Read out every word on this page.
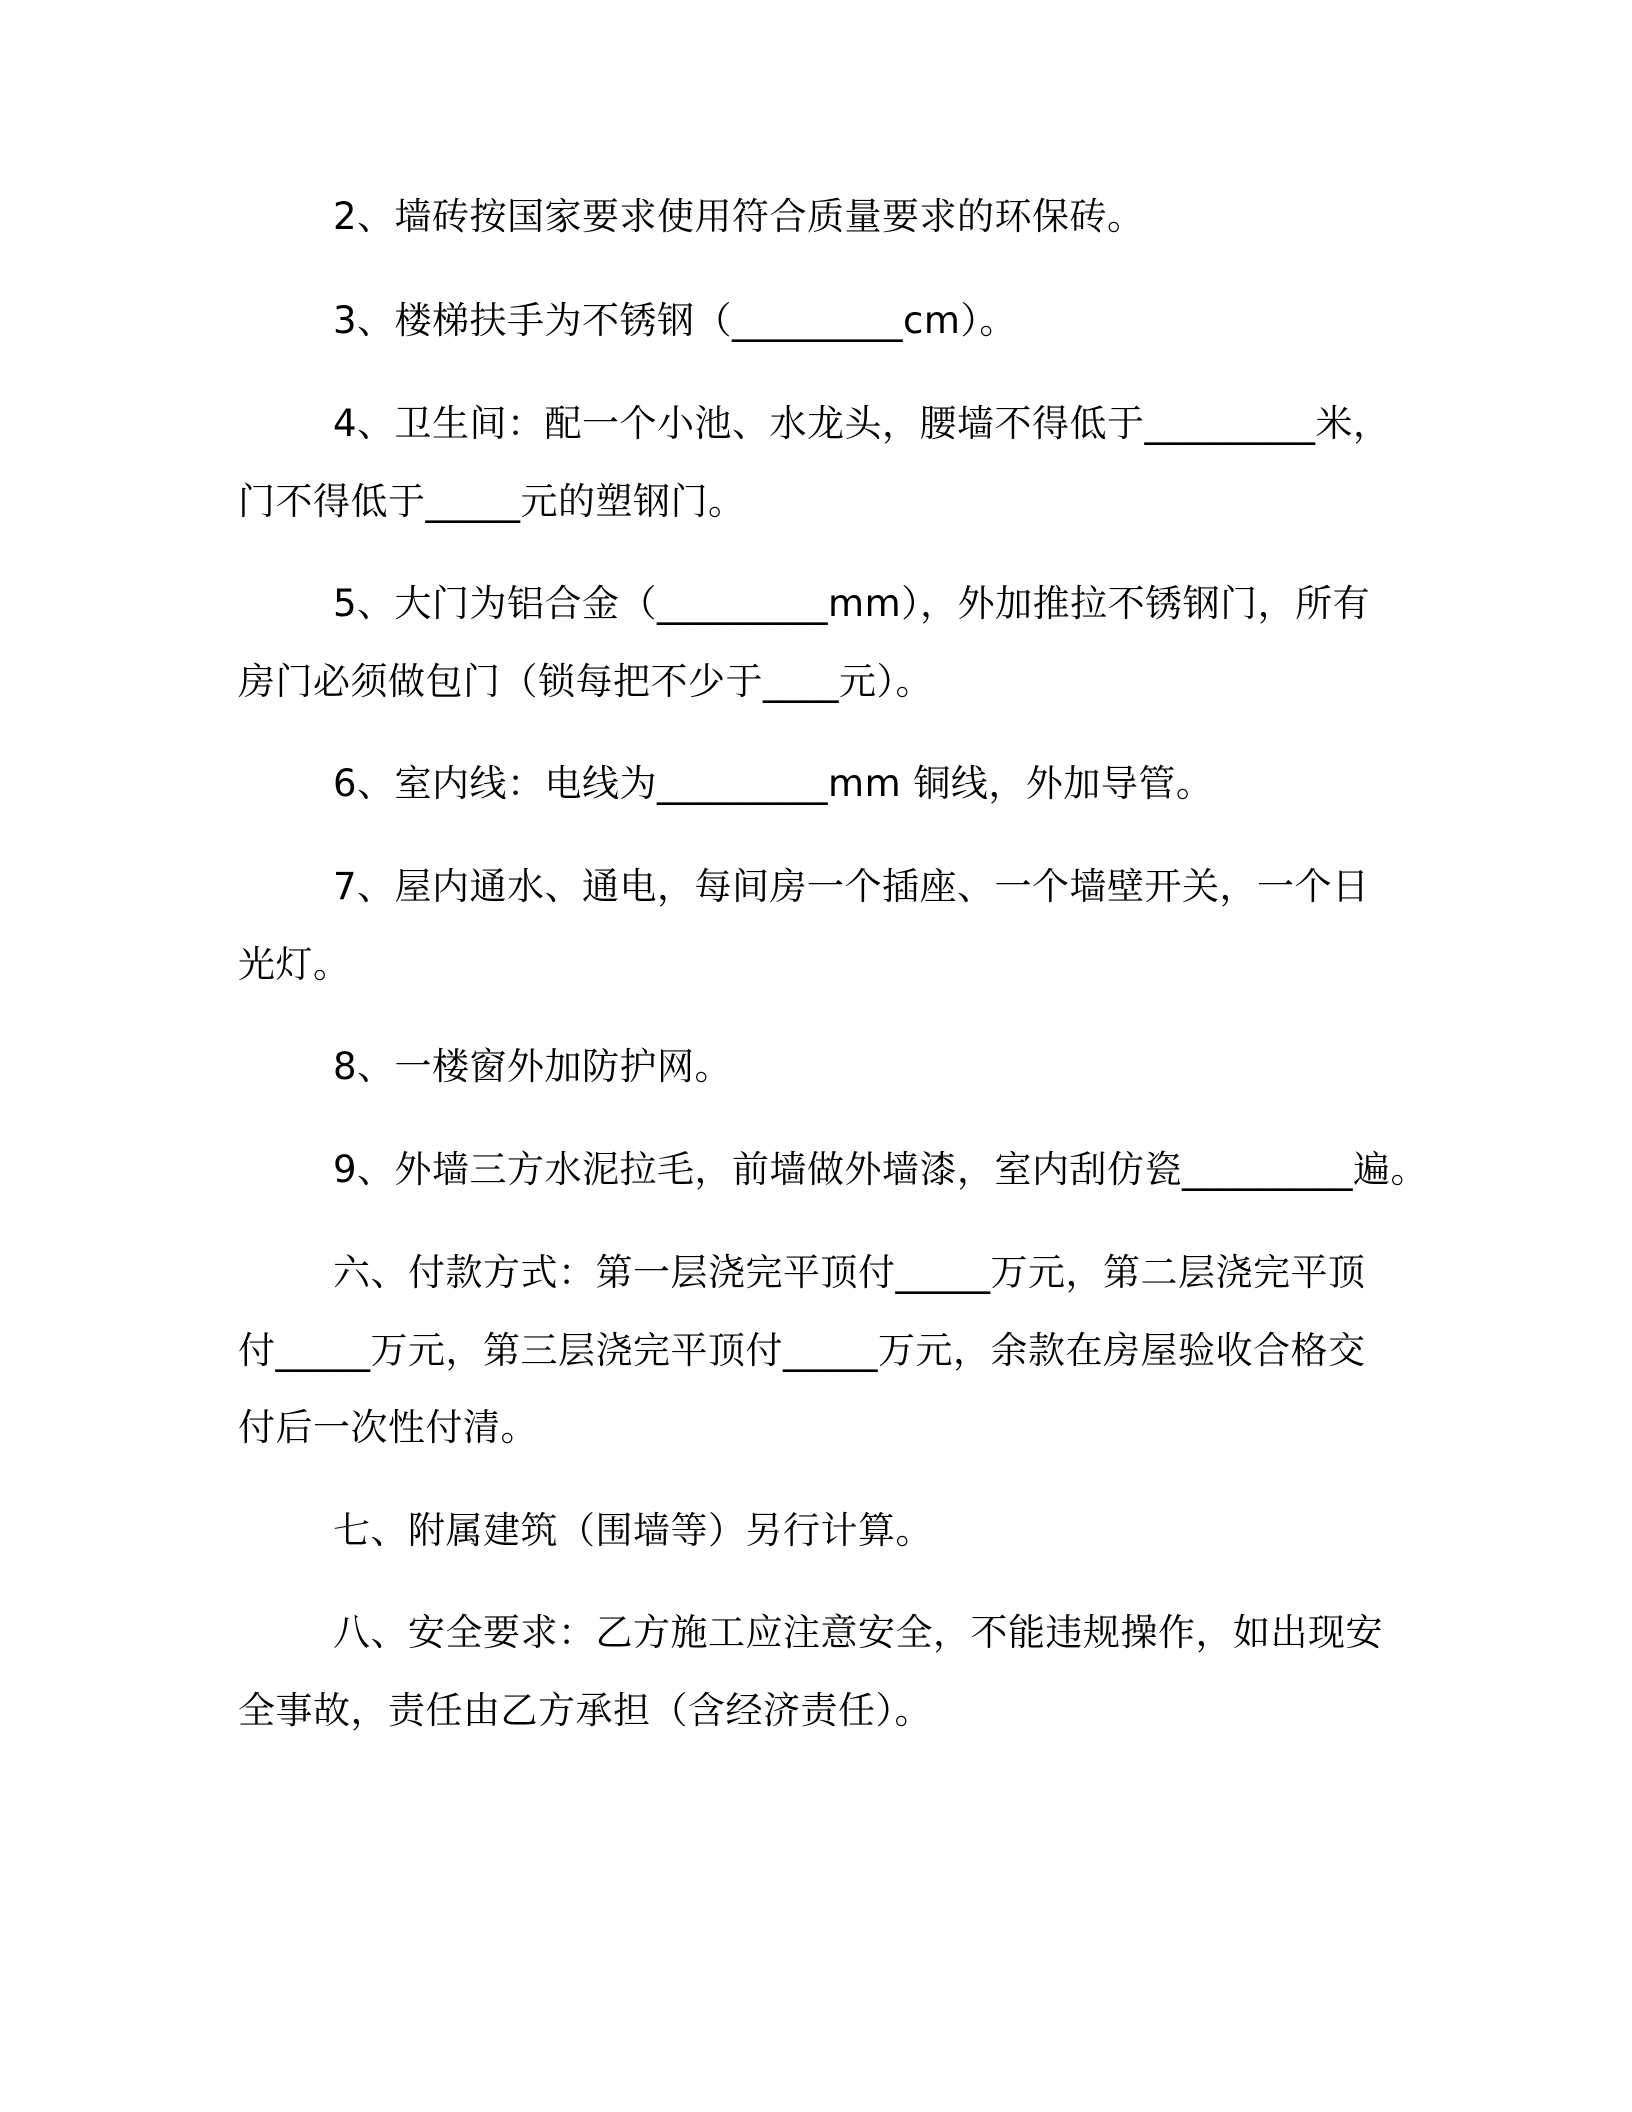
2、墙砖按国家要求使用符合质量要求的环保砖。

3、楼梯扶手为不锈钢（_________cm）。

4、卫生间：配一个小池、水龙头，腰墙不得低于_________米，

门不得低于_____元的塑钢门。

5、大门为铝合金（_________mm），外加推拉不锈钢门，所有

房门必须做包门（锁每把不少于____元）。

6、室内线：电线为_________mm 铜线，外加导管。

7、屋内通水、通电，每间房一个插座、一个墙壁开关，一个日

光灯。

8、一楼窗外加防护网。

9、外墙三方水泥拉毛，前墙做外墙漆，室内刮仿瓷_________遍。

六、付款方式：第一层浇完平顶付_____万元，第二层浇完平顶

付_____万元，第三层浇完平顶付_____万元，余款在房屋验收合格交

付后一次性付清。

七、附属建筑（围墙等）另行计算。

八、安全要求：乙方施工应注意安全，不能违规操作，如出现安

全事故，责任由乙方承担（含经济责任）。
